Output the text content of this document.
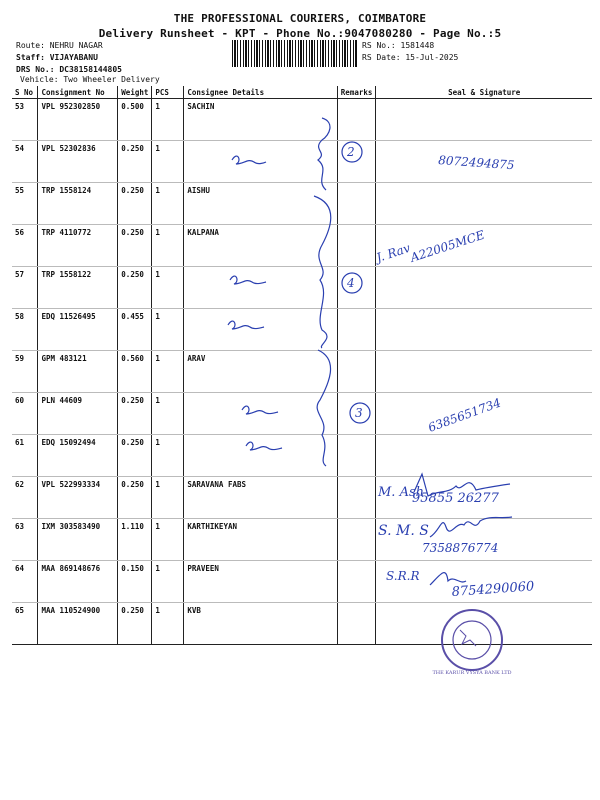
THE PROFESSIONAL COURIERS, COIMBATORE
Delivery Runsheet - KPT - Phone No.:9047080280 - Page No.:5
Route: NEHRU NAGAR
Staff: VIJAYABANU
DRS No.: DC38158144805
Vehicle: Two Wheeler Delivery
RS No.: 1581448
RS Date: 15-Jul-2025
S No	Consignment No	Weight	PCS	Consignee Details	Remarks	Seal & Signature
53	VPL 952302850	0.500	1	SACHIN		
54	VPL 52302836	0.250	1			
55	TRP 1558124	0.250	1	AISHU		
56	TRP 4110772	0.250	1	KALPANA		
57	TRP 1558122	0.250	1			
58	EDQ 11526495	0.455	1			
59	GPM 483121	0.560	1	ARAV		
60	PLN 44609	0.250	1			
61	EDQ 15092494	0.250	1			
62	VPL 522993334	0.250	1	SARAVANA FABS		
63	IXM 303583490	1.110	1	KARTHIKEYAN		
64	MAA 869148676	0.150	1	PRAVEEN		
65	MAA 110524900	0.250	1	KVB		
2
4
3
8072494875
J. Rav
A22005MCE
6385651734
M. Ash
95855 26277
S. M. S
7358876774
S.R.R
8754290060
THE KARUR VYSYA BANK LTD
